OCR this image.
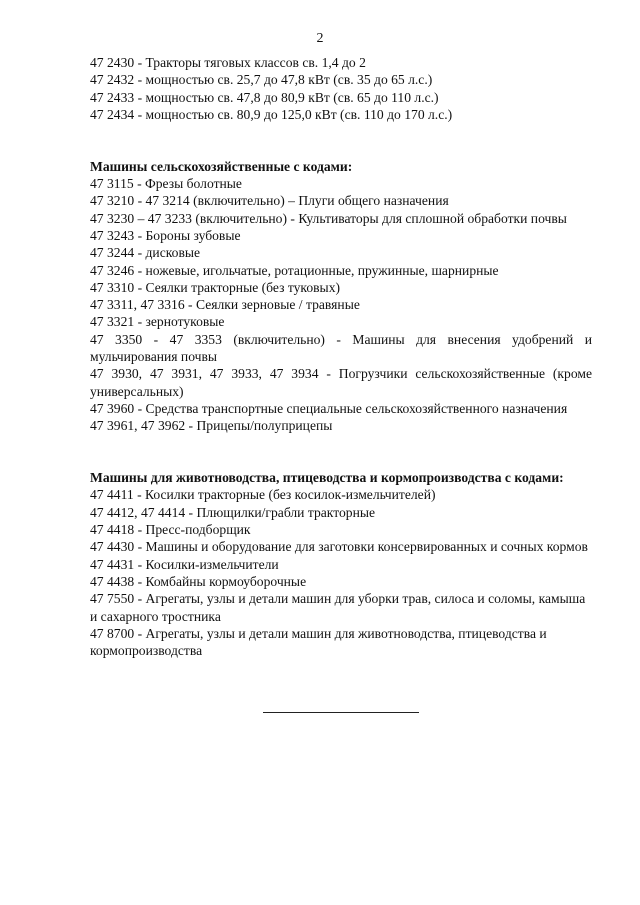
2

47 2430 - Тракторы тяговых классов св. 1,4 до 2

47 2432 - мощностью св. 25,7 до 47,8 кВт (св. 35 до 65 л.с.)

47 2433 - мощностью св. 47,8 до 80,9 кВт (св. 65 до 110 л.с.)

47 2434 - мощностью св. 80,9 до 125,0 кВт (св. 110 до 170 л.с.)

Машины сельскохозяйственные с кодами:

47 3115 - Фрезы болотные

47 3210 - 47 3214 (включительно) – Плуги общего назначения

47 3230 – 47 3233 (включительно) - Культиваторы для сплошной обработки почвы

47 3243 - Бороны зубовые

47 3244 - дисковые

47 3246 - ножевые, игольчатые, ротационные, пружинные, шарнирные

47 3310 - Сеялки тракторные (без туковых)

47 3311, 47 3316 - Сеялки зерновые / травяные

47 3321 - зернотуковые

47 3350 - 47 3353 (включительно) - Машины для внесения удобрений и мульчирования почвы

47 3930, 47 3931, 47 3933, 47 3934 - Погрузчики сельскохозяйственные (кроме универсальных)

47 3960 - Средства транспортные специальные сельскохозяйственного назначения

47 3961, 47 3962 - Прицепы/полуприцепы

Машины для животноводства, птицеводства и кормопроизводства с кодами:

47 4411 - Косилки тракторные (без косилок-измельчителей)

47 4412, 47 4414 - Плющилки/грабли тракторные

47 4418 - Пресс-подборщик

47 4430 - Машины и оборудование для заготовки консервированных и сочных кормов

47 4431 - Косилки-измельчители

47 4438 - Комбайны кормоуборочные

47 7550 - Агрегаты, узлы и детали машин для уборки трав, силоса и соломы, камыша и сахарного тростника

47 8700 - Агрегаты, узлы и детали машин для животноводства, птицеводства и кормопроизводства
